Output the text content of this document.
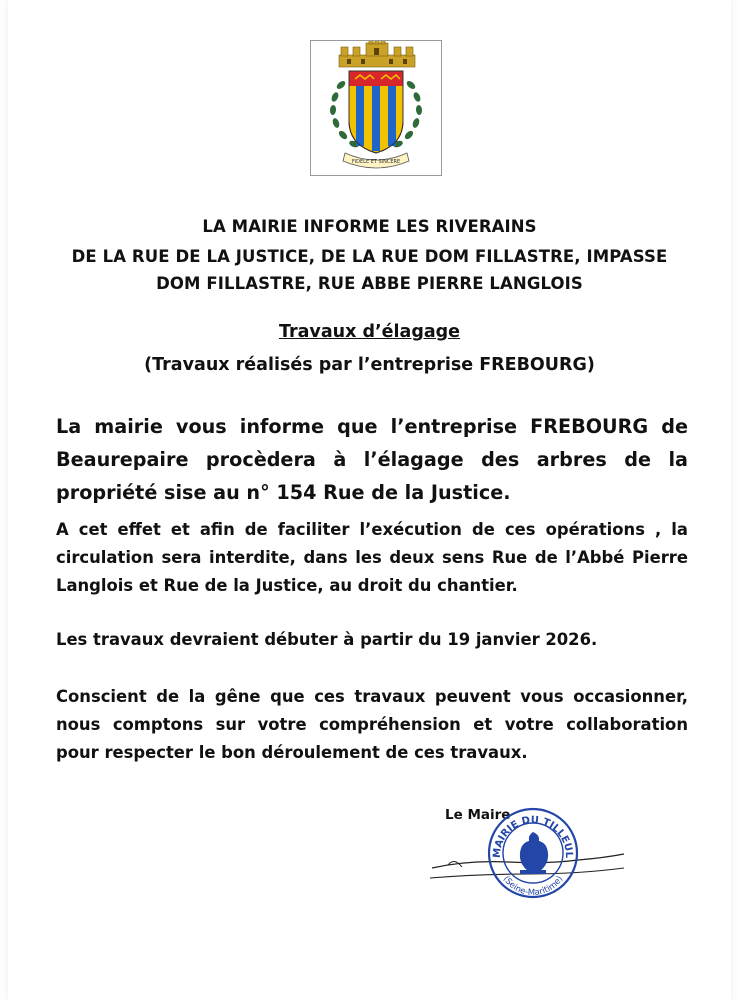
FIDELE ET SINCERE
LA MAIRIE INFORME LES RIVERAINS
DE LA RUE DE LA JUSTICE, DE LA RUE DOM FILLASTRE, IMPASSE
DOM FILLASTRE, RUE ABBE PIERRE LANGLOIS
Travaux d’élagage
(Travaux réalisés par l’entreprise FREBOURG)

La mairie vous informe que l’entreprise FREBOURG de Beaurepaire procèdera à l’élagage des arbres de la propriété sise au n° 154 Rue de la Justice.

A cet effet et afin de faciliter l’exécution de ces opérations , la circulation sera interdite, dans les deux sens Rue de l’Abbé Pierre Langlois et Rue de la Justice, au droit du chantier.

Les travaux devraient débuter à partir du 19 janvier 2026.

Conscient de la gêne que ces travaux peuvent vous occasionner, nous comptons sur votre compréhension et votre collaboration pour respecter le bon déroulement de ces travaux.

Le Maire
MAIRIE DU TILLEUL
(Seine-Maritime)
